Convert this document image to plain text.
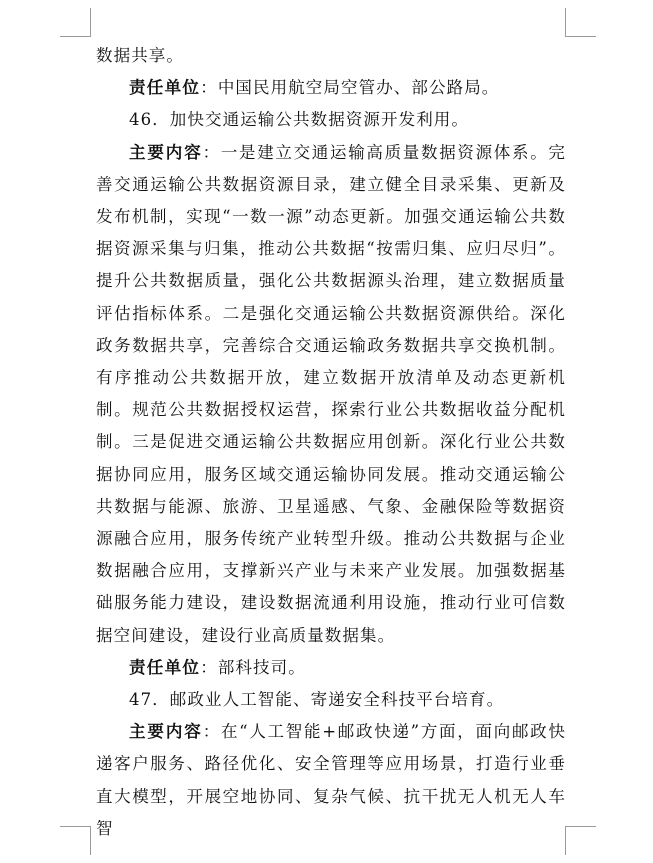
数据共享。

责任单位：中国民用航空局空管办、部公路局。

46．加快交通运输公共数据资源开发利用。

主要内容：一是建立交通运输高质量数据资源体系。完善交通运输公共数据资源目录，建立健全目录采集、更新及发布机制，实现“一数一源”动态更新。加强交通运输公共数据资源采集与归集，推动公共数据“按需归集、应归尽归”。提升公共数据质量，强化公共数据源头治理，建立数据质量评估指标体系。二是强化交通运输公共数据资源供给。深化政务数据共享，完善综合交通运输政务数据共享交换机制。有序推动公共数据开放，建立数据开放清单及动态更新机制。规范公共数据授权运营，探索行业公共数据收益分配机制。三是促进交通运输公共数据应用创新。深化行业公共数据协同应用，服务区域交通运输协同发展。推动交通运输公共数据与能源、旅游、卫星遥感、气象、金融保险等数据资源融合应用，服务传统产业转型升级。推动公共数据与企业数据融合应用，支撑新兴产业与未来产业发展。加强数据基础服务能力建设，建设数据流通利用设施，推动行业可信数据空间建设，建设行业高质量数据集。

责任单位：部科技司。

47．邮政业人工智能、寄递安全科技平台培育。

主要内容：在“人工智能+邮政快递”方面，面向邮政快递客户服务、路径优化、安全管理等应用场景，打造行业垂直大模型，开展空地协同、复杂气候、抗干扰无人机无人车智
